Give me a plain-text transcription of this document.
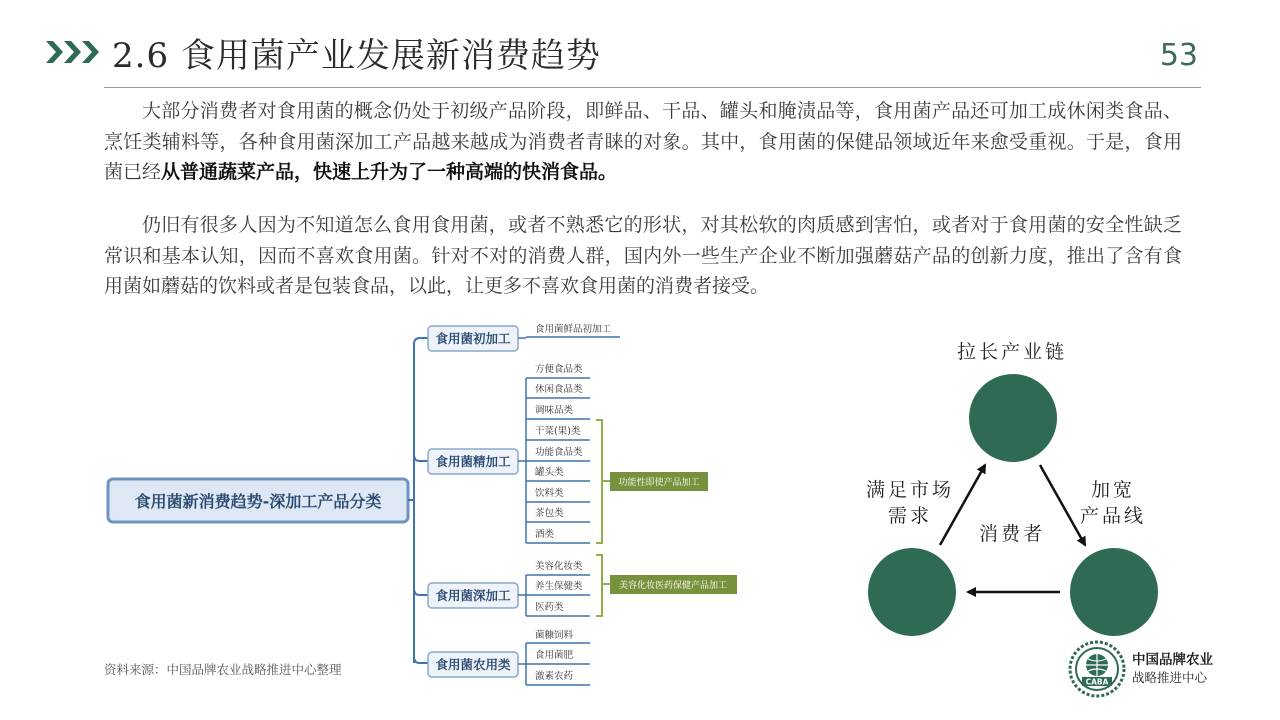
2.6 食用菌产业发展新消费趋势	53

大部分消费者对食用菌的概念仍处于初级产品阶段，即鲜品、干品、罐头和腌渍品等，食用菌产品还可加工成休闲类食品、烹饪类辅料等，各种食用菌深加工产品越来越成为消费者青睐的对象。其中，食用菌的保健品领域近年来愈受重视。于是，食用菌已经从普通蔬菜产品，快速上升为了一种高端的快消食品。

仍旧有很多人因为不知道怎么食用食用菌，或者不熟悉它的形状，对其松软的肉质感到害怕，或者对于食用菌的安全性缺乏常识和基本认知，因而不喜欢食用菌。针对不对的消费人群，国内外一些生产企业不断加强蘑菇产品的创新力度，推出了含有食用菌如蘑菇的饮料或者是包装食品，以此，让更多不喜欢食用菌的消费者接受。

食用菌新消费趋势-深加工产品分类
食用菌初加工
食用菌鲜品初加工
食用菌精加工
方便食品类
休闲食品类
调味品类
干菜(果)类
功能食品类
罐头类
饮料类
茶包类
酒类
功能性即使产品加工
食用菌深加工
美容化妆类
养生保健类
医药类
美容化妆医药保健产品加工
食用菌农用类
菌糠饲料
食用菌肥
激素农药
拉长产业链
满足市场
需求
加宽
产品线
消费者
资料来源：中国品牌农业战略推进中心整理
CABA
中国品牌农业
战略推进中心
